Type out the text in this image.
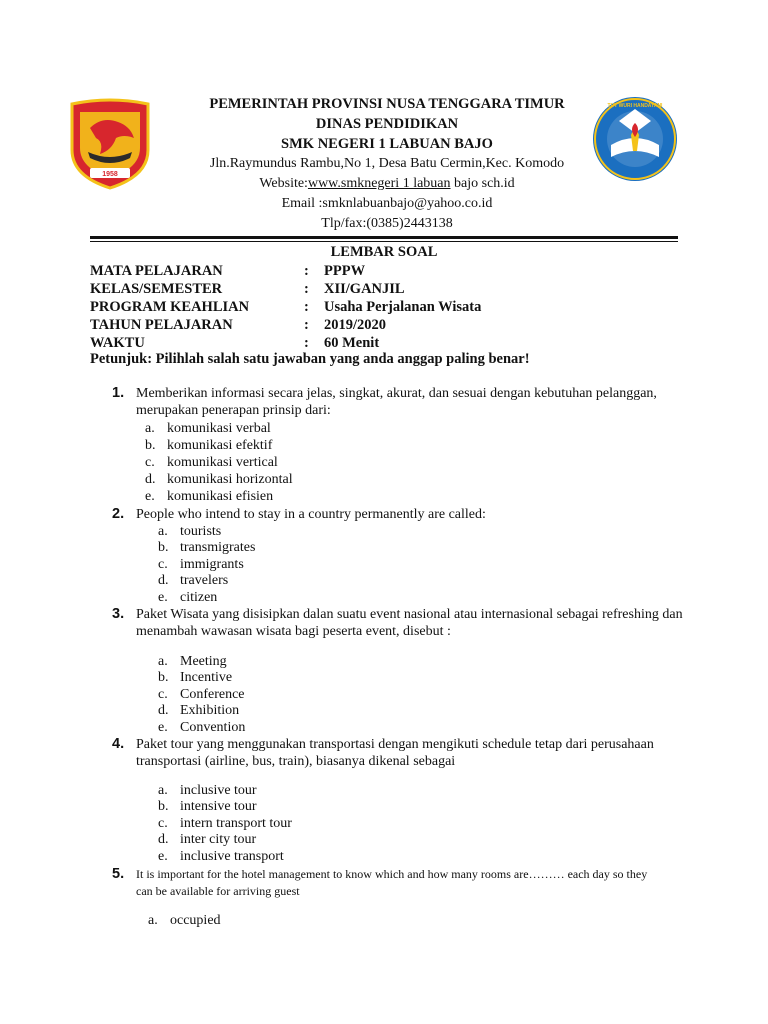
1958
TUT WURI HANDAYANI
PEMERINTAH PROVINSI NUSA TENGGARA TIMUR
DINAS PENDIDIKAN
SMK NEGERI 1 LABUAN BAJO
Jln.Raymundus Rambu,No 1, Desa Batu Cermin,Kec. Komodo
Website:www.smknegeri 1 labuan bajo sch.id
Email :smknlabuanbajo@yahoo.co.id
Tlp/fax:(0385)2443138
LEMBAR SOAL
MATA PELAJARAN	: PPPW
KELAS/SEMESTER	: XII/GANJIL
PROGRAM KEAHLIAN	: Usaha Perjalanan Wisata
TAHUN PELAJARAN	: 2019/2020
WAKTU	: 60 Menit
Petunjuk: Pilihlah salah satu jawaban yang anda anggap paling benar!
1. Memberikan informasi secara jelas, singkat, akurat, dan sesuai dengan kebutuhan pelanggan, merupakan penerapan prinsip dari:
a. komunikasi verbal
b. komunikasi efektif
c. komunikasi vertical
d. komunikasi horizontal
e. komunikasi efisien
2. People who intend to stay in a country permanently are called:
a. tourists
b. transmigrates
c. immigrants
d. travelers
e. citizen
3. Paket Wisata yang disisipkan dalan suatu event nasional atau internasional sebagai refreshing dan menambah wawasan wisata bagi peserta event, disebut :
a. Meeting
b. Incentive
c. Conference
d. Exhibition
e. Convention
4. Paket tour yang menggunakan transportasi dengan mengikuti schedule tetap dari perusahaan transportasi (airline, bus, train), biasanya dikenal sebagai
a. inclusive tour
b. intensive tour
c. intern transport tour
d. inter city tour
e. inclusive transport
5. It is important for the hotel management to know which and how many rooms are……… each day so they can be available for arriving guest
a. occupied
